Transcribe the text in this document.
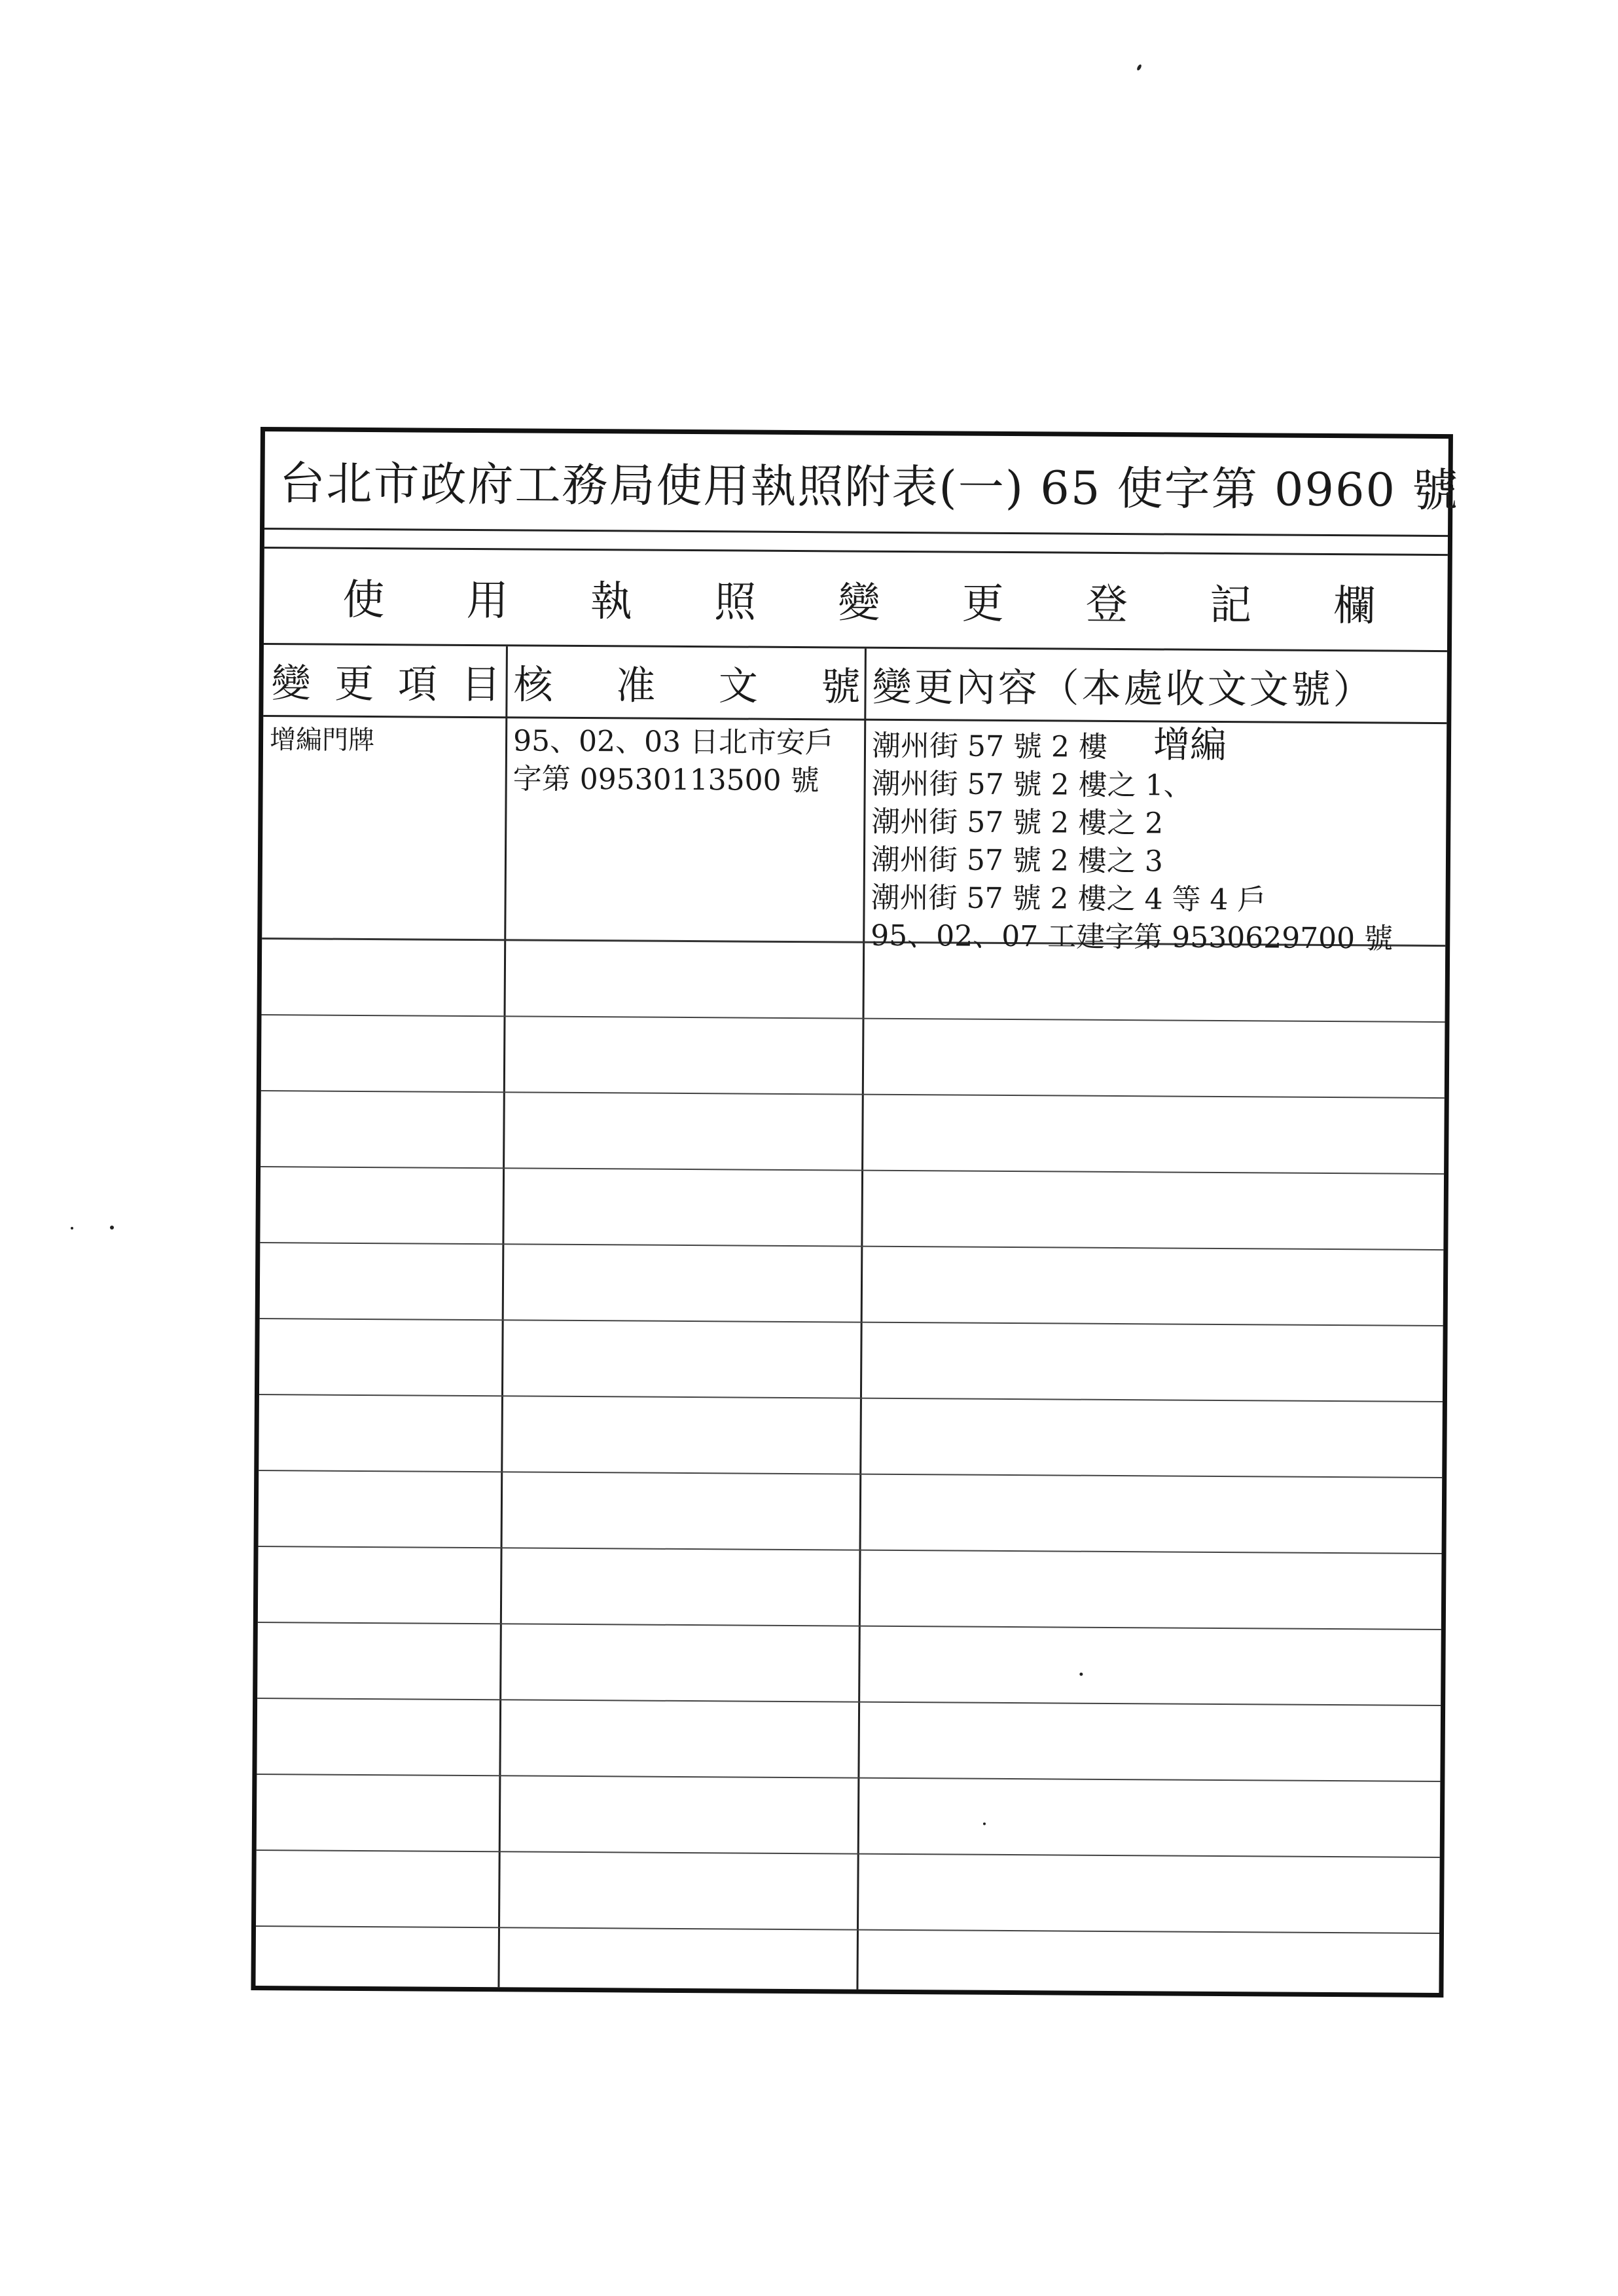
台北市政府工務局使用執照附表(一) 65 使字第 0960 號
使 用 執 照 變 更 登 記 欄
變 更 項 目 核 准 文 號 變更內容（本處收文文號）
增編門牌	95、02、03 日北市安戶
字第 09530113500 號
潮州街 57 號 2 樓 增編
潮州街 57 號 2 樓之 1、
潮州街 57 號 2 樓之 2
潮州街 57 號 2 樓之 3
潮州街 57 號 2 樓之 4 等 4 戶
95、02、07 工建字第 9530629700 號
